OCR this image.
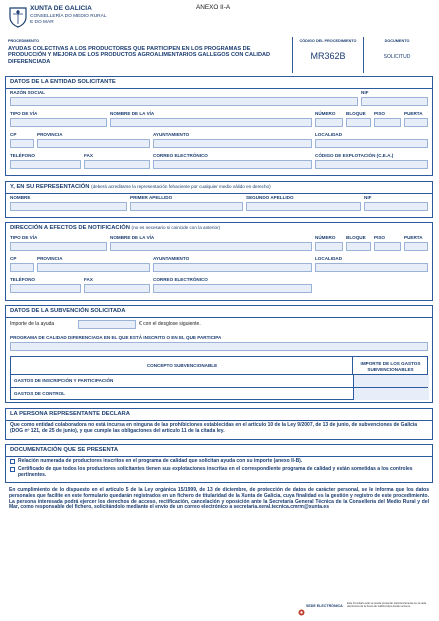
XUNTA DE GALICIA
CONSELLERÍA DO MEDIO RURAL
E DO MAR
ANEXO II-A
PROCEDIMENTO
AYUDAS COLECTIVAS A LOS PRODUCTORES QUE PARTICIPEN EN LOS PROGRAMAS DE PRODUCCIÓN Y MEJORA DE LOS PRODUCTOS AGROALIMENTARIOS GALLEGOS CON CALIDAD DIFERENCIADA
CÓDIGO DEL PROCEDIMIENTO
MR362B
DOCUMENTO
SOLICITUD
DATOS DE LA ENTIDAD SOLICITANTE
RAZÓN SOCIAL	NIF
TIPO DE VÍA	NOMBRE DE LA VÍA	NÚMERO BLOQUE PISO	PUERTA
CP	PROVINCIA	AYUNTAMIENTO	LOCALIDAD
TELÉFONO	FAX	CORREO ELECTRÓNICO	CÓDIGO DE EXPLOTACIÓN (C.E.A.)
Y, EN SU REPRESENTACIÓN (deberá acreditarse la representación fehaciente por cualquier medio válido en derecho)
NOMBRE	PRIMER APELLIDO	SEGUNDO APELLIDO	NIF
DIRECCIÓN A EFECTOS DE NOTIFICACIÓN (no es necesario si coincide con la anterior)
TIPO DE VÍA	NOMBRE DE LA VÍA	NÚMERO BLOQUE PISO	PUERTA
CP	PROVINCIA	AYUNTAMIENTO	LOCALIDAD
TELÉFONO	FAX	CORREO ELECTRÓNICO
DATOS DE LA SUBVENCIÓN SOLICITADA
Importe de la ayuda	€ con el desglose siguiente.
PROGRAMA DE CALIDAD DIFERENCIADA EN EL QUE ESTÁ INSCRITO O EN EL QUE PARTICIPA
CONCEPTO SUBVENCIONABLE	IMPORTE DE LOS GASTOS SUBVENCIONABLES
GASTOS DE INSCRIPCIÓN Y PARTICIPACIÓN
GASTOS DE CONTROL
LA PERSONA REPRESENTANTE DECLARA
Que como entidad colaboradora no está incursa en ninguna de las prohibiciones establecidas en el artículo 10 de la Ley 9/2007, de 13 de junio, de subvenciones de Galicia (DOG nº 121, de 25 de junio), y que cumple las obligaciones del artículo 11 de la citada ley.
DOCUMENTACIÓN QUE SE PRESENTA
Relación numerada de productores inscritos en el programa de calidad que solicitan ayuda con su importe (anexo II-B).
Certificado de que todos los productores solicitantes tienen sus explotaciones inscritas en el correspondiente programa de calidad y están sometidas a los controles pertinentes.
En cumplimiento de lo dispuesto en el artículo 5 de la Ley orgánica 15/1999, de 13 de diciembre, de protección de datos de carácter personal, se le informa que los datos personales que facilite en este formulario quedarán registrados en un fichero de titularidad de la Xunta de Galicia, cuya finalidad es la gestión y registro de este procedimiento. La persona interesada podrá ejercer los derechos de acceso, rectificación, cancelación y oposición ante la Secretaría General Técnica de la Consellería del Medio Rural y del Mar, como responsable del fichero, solicitándolo mediante el envío de un correo electrónico a secretaria.xeral.tecnica.cmrm@xunta.es
SEDE ELECTRÓNICA
Este formulario sólo se puede presentar electrónicamente en la sede electrónica de la Xunta de Galicia https://sede.xunta.es
